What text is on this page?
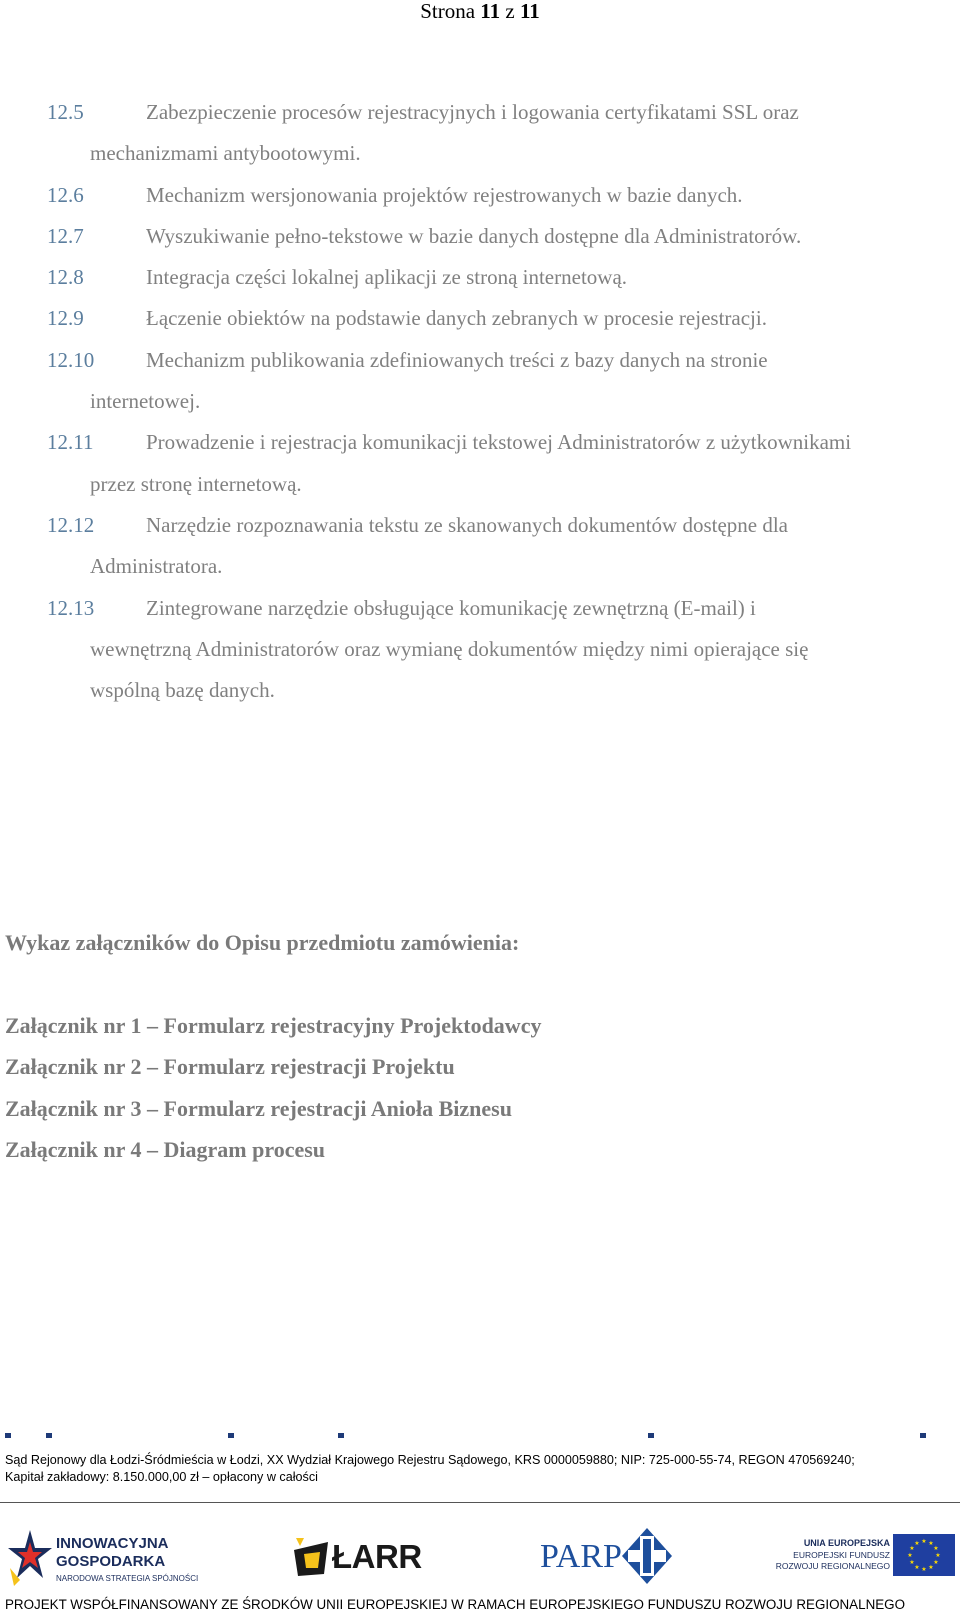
Strona 11 z 11
12.5	Zabezpieczenie procesów rejestracyjnych i logowania certyfikatami SSL oraz
mechanizmami antybootowymi.
12.6	Mechanizm wersjonowania projektów rejestrowanych w bazie danych.
12.7	Wyszukiwanie pełno-tekstowe w bazie danych dostępne dla Administratorów.
12.8	Integracja części lokalnej aplikacji ze stroną internetową.
12.9	Łączenie obiektów na podstawie danych zebranych w procesie rejestracji.
12.10 Mechanizm publikowania zdefiniowanych treści z bazy danych na stronie
internetowej.
12.11	Prowadzenie i rejestracja komunikacji tekstowej Administratorów z użytkownikami
przez stronę internetową.
12.12 Narzędzie rozpoznawania tekstu ze skanowanych dokumentów dostępne dla
Administratora.
12.13 Zintegrowane narzędzie obsługujące komunikację zewnętrzną (E-mail) i
wewnętrzną Administratorów oraz wymianę dokumentów między nimi opierające się
wspólną bazę danych.
Wykaz załączników do Opisu przedmiotu zamówienia:
Załącznik nr 1 – Formularz rejestracyjny Projektodawcy
Załącznik nr 2 – Formularz rejestracji Projektu
Załącznik nr 3 – Formularz rejestracji Anioła Biznesu
Załącznik nr 4 – Diagram procesu
Sąd Rejonowy dla Łodzi-Śródmieścia w Łodzi, XX Wydział Krajowego Rejestru Sądowego, KRS 0000059880; NIP: 725-000-55-74, REGON 470569240;
Kapitał zakładowy: 8.150.000,00 zł – opłacony w całości
INNOWACYJNA
GOSPODARKA
NARODOWA STRATEGIA SPÓJNOŚCI
ŁARR	PARP	UNIA EUROPEJSKA
EUROPEJSKI FUNDUSZ
ROZWOJU REGIONALNEGO
★ ★
★
★
★
★
★
★
★
★
★
★
PROJEKT WSPÓŁFINANSOWANY ZE ŚRODKÓW UNII EUROPEJSKIEJ W RAMACH EUROPEJSKIEGO FUNDUSZU ROZWOJU REGIONALNEGO
